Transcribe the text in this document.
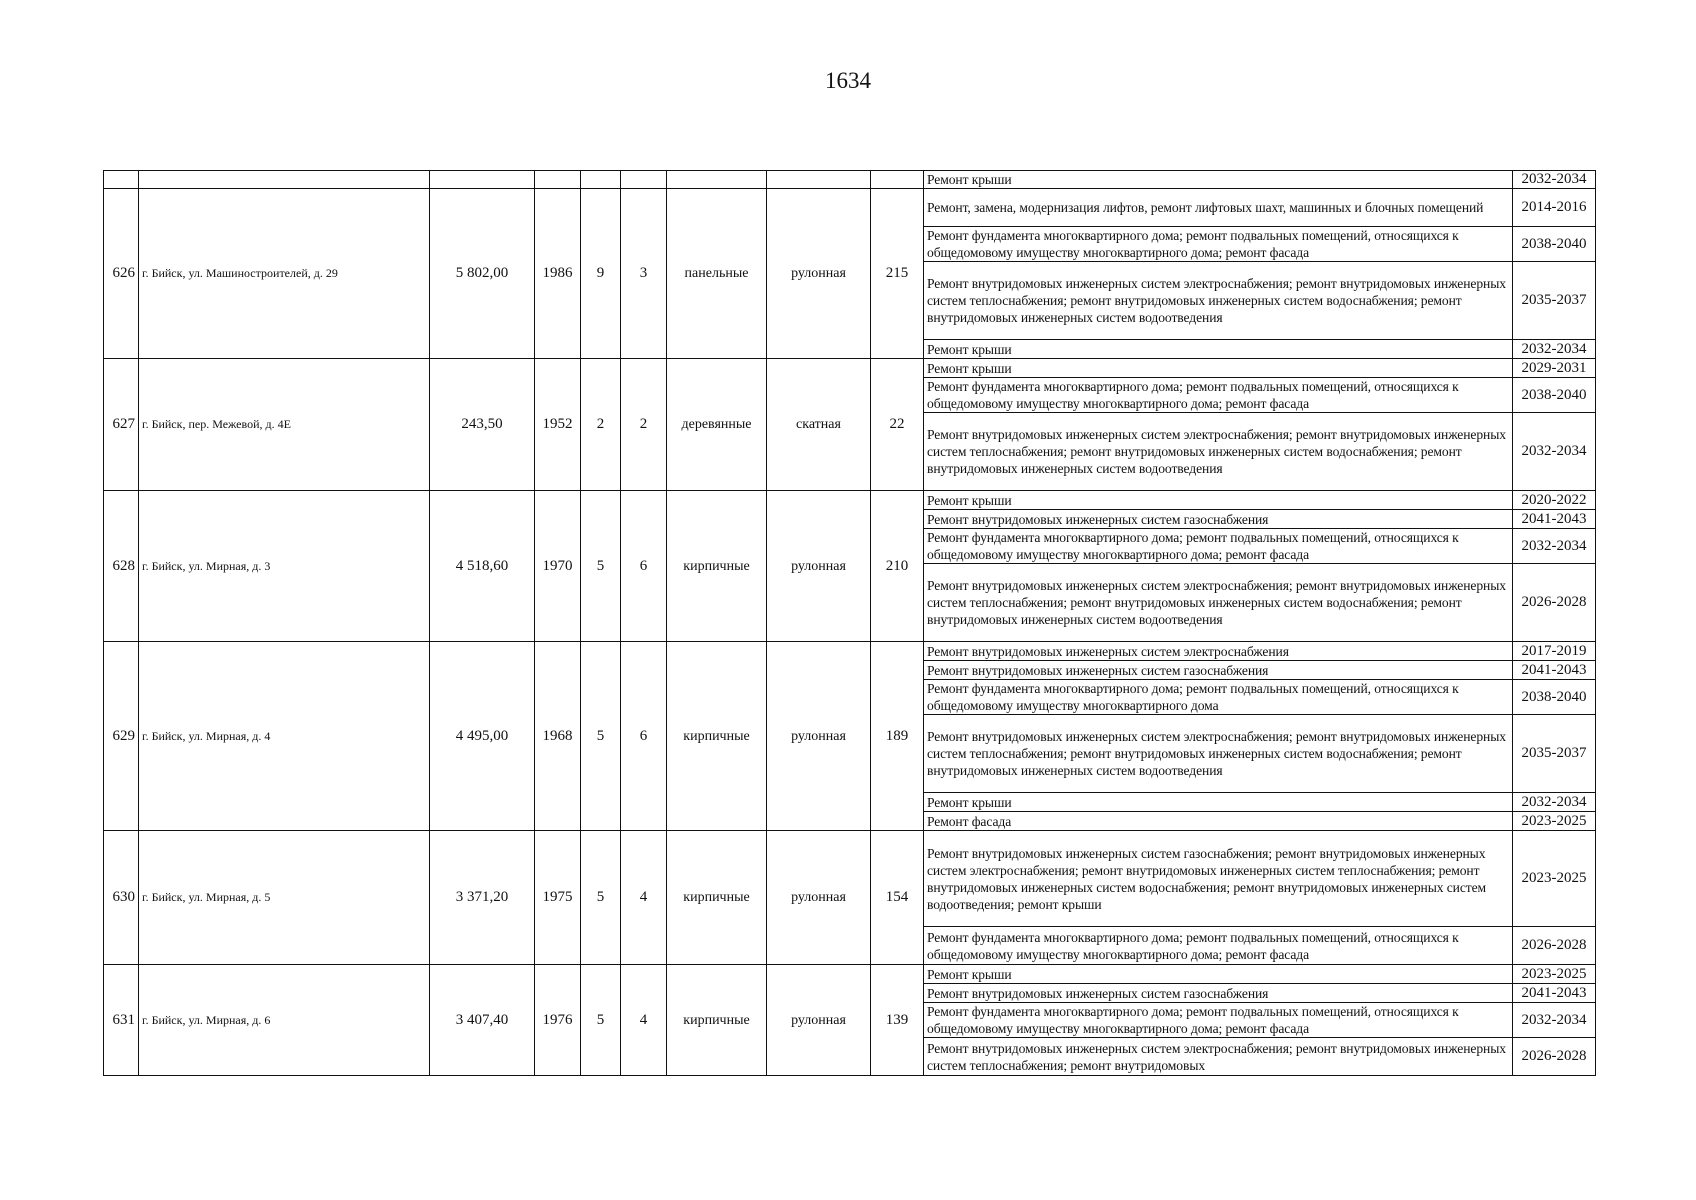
1634
									Ремонт крыши	2032-2034
626	г. Бийск, ул. Машиностроителей, д. 29	5 802,00	1986	9	3	панельные	рулонная	215	Ремонт, замена, модернизация лифтов, ремонт лифтовых шахт, машинных и блочных помещений	2014-2016
									Ремонт фундамента многоквартирного дома; ремонт подвальных помещений, относящихся к общедомовому имуществу многоквартирного дома; ремонт фасада	2038-2040
									Ремонт внутридомовых инженерных систем электроснабжения; ремонт внутридомовых инженерных систем теплоснабжения; ремонт внутридомовых инженерных систем водоснабжения; ремонт внутридомовых инженерных систем водоотведения	2035-2037
									Ремонт крыши	2032-2034
627	г. Бийск, пер. Межевой, д. 4Е	243,50	1952	2	2	деревянные	скатная	22	Ремонт крыши	2029-2031
									Ремонт фундамента многоквартирного дома; ремонт подвальных помещений, относящихся к общедомовому имуществу многоквартирного дома; ремонт фасада	2038-2040
									Ремонт внутридомовых инженерных систем электроснабжения; ремонт внутридомовых инженерных систем теплоснабжения; ремонт внутридомовых инженерных систем водоснабжения; ремонт внутридомовых инженерных систем водоотведения	2032-2034
628	г. Бийск, ул. Мирная, д. 3	4 518,60	1970	5	6	кирпичные	рулонная	210	Ремонт крыши	2020-2022
									Ремонт внутридомовых инженерных систем газоснабжения	2041-2043
									Ремонт фундамента многоквартирного дома; ремонт подвальных помещений, относящихся к общедомовому имуществу многоквартирного дома; ремонт фасада	2032-2034
									Ремонт внутридомовых инженерных систем электроснабжения; ремонт внутридомовых инженерных систем теплоснабжения; ремонт внутридомовых инженерных систем водоснабжения; ремонт внутридомовых инженерных систем водоотведения	2026-2028
629	г. Бийск, ул. Мирная, д. 4	4 495,00	1968	5	6	кирпичные	рулонная	189	Ремонт внутридомовых инженерных систем электроснабжения	2017-2019
									Ремонт внутридомовых инженерных систем газоснабжения	2041-2043
									Ремонт фундамента многоквартирного дома; ремонт подвальных помещений, относящихся к общедомовому имуществу многоквартирного дома	2038-2040
									Ремонт внутридомовых инженерных систем электроснабжения; ремонт внутридомовых инженерных систем теплоснабжения; ремонт внутридомовых инженерных систем водоснабжения; ремонт внутридомовых инженерных систем водоотведения	2035-2037
									Ремонт крыши	2032-2034
									Ремонт фасада	2023-2025
630	г. Бийск, ул. Мирная, д. 5	3 371,20	1975	5	4	кирпичные	рулонная	154	Ремонт внутридомовых инженерных систем газоснабжения; ремонт внутридомовых инженерных систем электроснабжения; ремонт внутридомовых инженерных систем теплоснабжения; ремонт внутридомовых инженерных систем водоснабжения; ремонт внутридомовых инженерных систем водоотведения; ремонт крыши	2023-2025
									Ремонт фундамента многоквартирного дома; ремонт подвальных помещений, относящихся к общедомовому имуществу многоквартирного дома; ремонт фасада	2026-2028
631	г. Бийск, ул. Мирная, д. 6	3 407,40	1976	5	4	кирпичные	рулонная	139	Ремонт крыши	2023-2025
									Ремонт внутридомовых инженерных систем газоснабжения	2041-2043
									Ремонт фундамента многоквартирного дома; ремонт подвальных помещений, относящихся к общедомовому имуществу многоквартирного дома; ремонт фасада	2032-2034
									Ремонт внутридомовых инженерных систем электроснабжения; ремонт внутридомовых инженерных систем теплоснабжения; ремонт внутридомовых	2026-2028
